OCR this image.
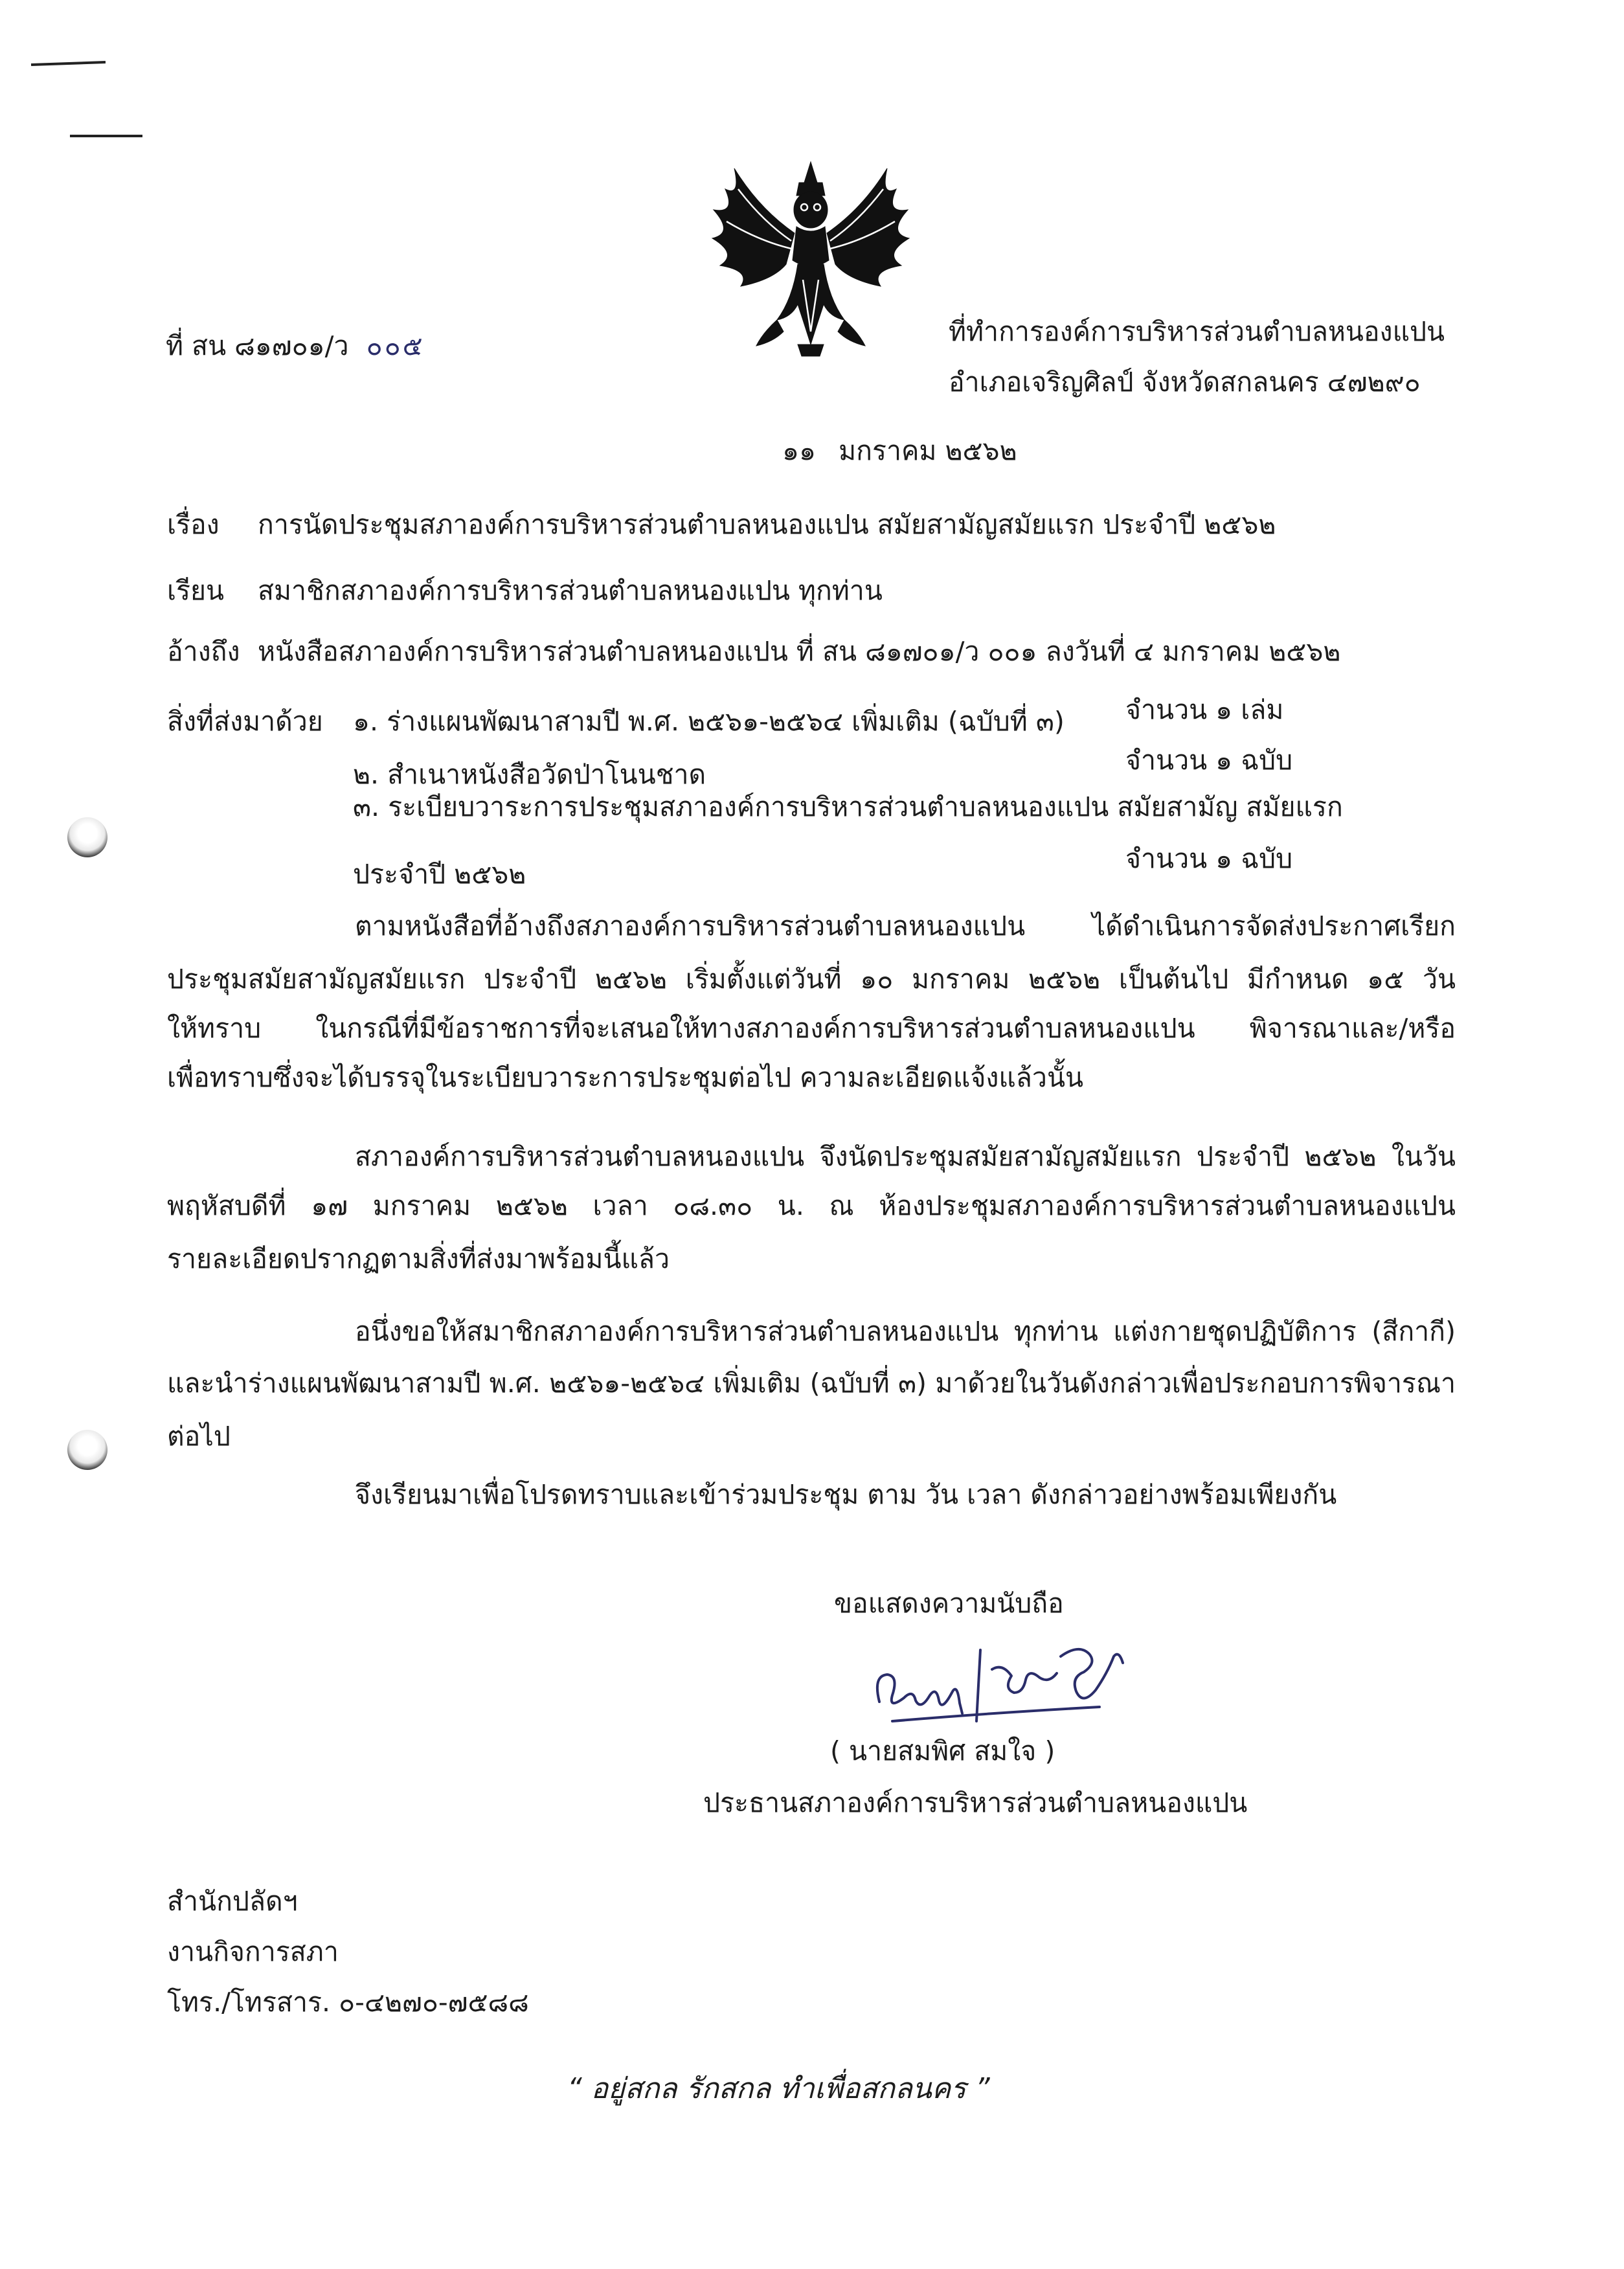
ที่ สน ๘๑๗๐๑/ว ๐๐๕	ที่ทำการองค์การบริหารส่วนตำบลหนองแปน
อำเภอเจริญศิลป์ จังหวัดสกลนคร ๔๗๒๙๐
๑๑ มกราคม ๒๕๖๒
เรื่อง การนัดประชุมสภาองค์การบริหารส่วนตำบลหนองแปน สมัยสามัญสมัยแรก ประจำปี ๒๕๖๒
เรียน สมาชิกสภาองค์การบริหารส่วนตำบลหนองแปน ทุกท่าน
อ้างถึง หนังสือสภาองค์การบริหารส่วนตำบลหนองแปน ที่ สน ๘๑๗๐๑/ว ๐๐๑ ลงวันที่ ๔ มกราคม ๒๕๖๒
สิ่งที่ส่งมาด้วย ๑. ร่างแผนพัฒนาสามปี พ.ศ. ๒๕๖๑-๒๕๖๔ เพิ่มเติม (ฉบับที่ ๓) จำนวน ๑ เล่ม
๒. สำเนาหนังสือวัดป่าโนนชาด	จำนวน ๑ ฉบับ
๓. ระเบียบวาระการประชุมสภาองค์การบริหารส่วนตำบลหนองแปน สมัยสามัญ สมัยแรก
ประจำปี ๒๕๖๒	จำนวน ๑ ฉบับ
ตามหนังสือที่อ้างถึงสภาองค์การบริหารส่วนตำบลหนองแปน ได้ดำเนินการจัดส่งประกาศเรียก
ประชุมสมัยสามัญสมัยแรก ประจำปี ๒๕๖๒ เริ่มตั้งแต่วันที่ ๑๐ มกราคม ๒๕๖๒ เป็นต้นไป มีกำหนด ๑๕ วัน
ให้ทราบ ในกรณีที่มีข้อราชการที่จะเสนอให้ทางสภาองค์การบริหารส่วนตำบลหนองแปน พิจารณาและ/หรือ
เพื่อทราบซึ่งจะได้บรรจุในระเบียบวาระการประชุมต่อไป ความละเอียดแจ้งแล้วนั้น
สภาองค์การบริหารส่วนตำบลหนองแปน จึงนัดประชุมสมัยสามัญสมัยแรก ประจำปี ๒๕๖๒ ในวัน
พฤหัสบดีที่ ๑๗ มกราคม ๒๕๖๒ เวลา ๐๘.๓๐ น. ณ ห้องประชุมสภาองค์การบริหารส่วนตำบลหนองแปน
รายละเอียดปรากฏตามสิ่งที่ส่งมาพร้อมนี้แล้ว
อนึ่งขอให้สมาชิกสภาองค์การบริหารส่วนตำบลหนองแปน ทุกท่าน แต่งกายชุดปฏิบัติการ (สีกากี)
และนำร่างแผนพัฒนาสามปี พ.ศ. ๒๕๖๑-๒๕๖๔ เพิ่มเติม (ฉบับที่ ๓) มาด้วยในวันดังกล่าวเพื่อประกอบการพิจารณา
ต่อไป
จึงเรียนมาเพื่อโปรดทราบและเข้าร่วมประชุม ตาม วัน เวลา ดังกล่าวอย่างพร้อมเพียงกัน
ขอแสดงความนับถือ
( นายสมพิศ สมใจ )
ประธานสภาองค์การบริหารส่วนตำบลหนองแปน
สำนักปลัดฯ
งานกิจการสภา
โทร./โทรสาร. ๐-๔๒๗๐-๗๕๘๘
“ อยู่สกล รักสกล ทำเพื่อสกลนคร ”
